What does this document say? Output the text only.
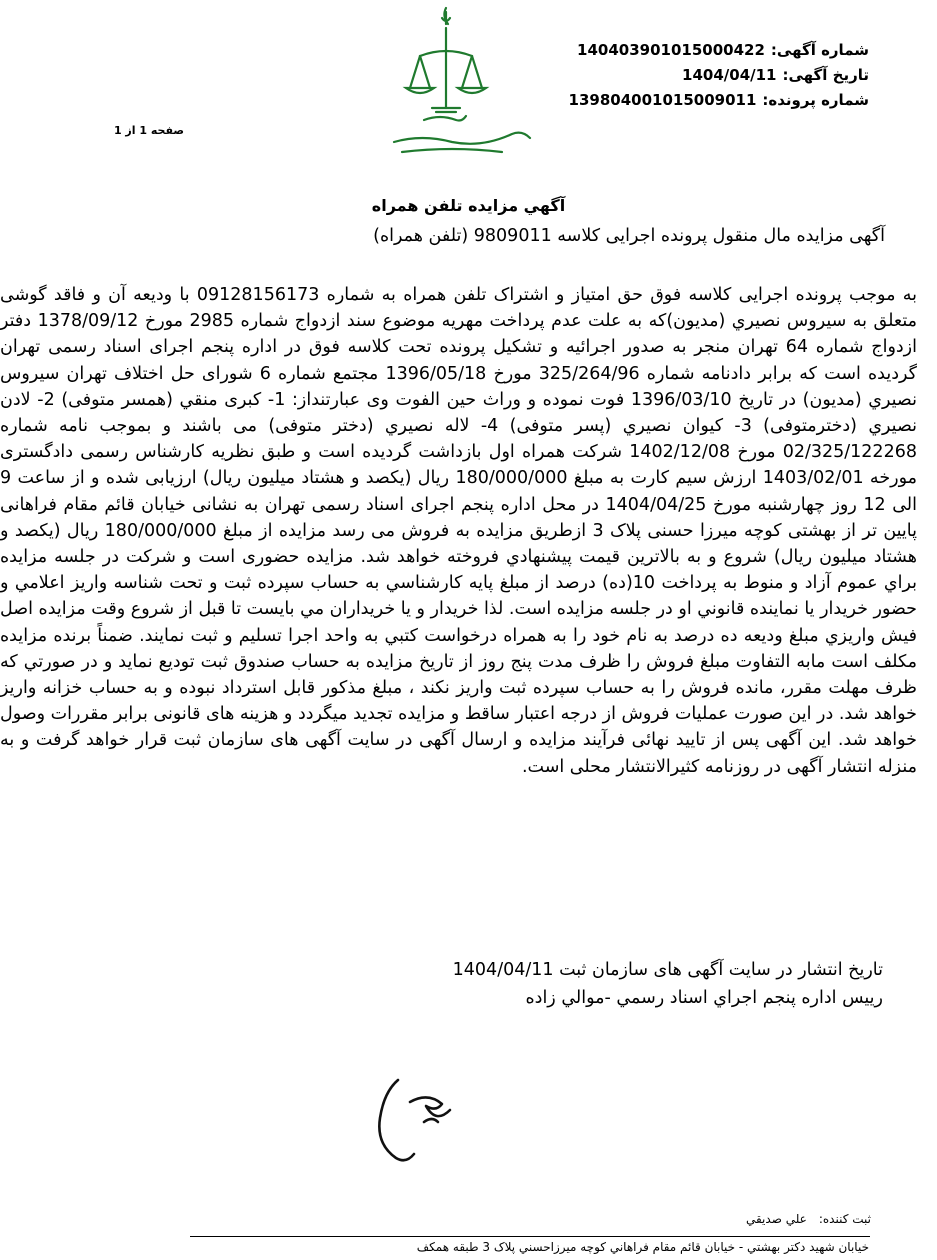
شماره آگهی:
140403901015000422
تاریخ آگهی:
1404/04/11
شماره پرونده:
139804001015009011
صفحه 1 از 1
آگهي مزايده تلفن همراه
آگهی مزایده مال منقول پرونده اجرایی کلاسه 9809011 (تلفن همراه)
به موجب پرونده اجرایی کلاسه فوق حق امتیاز و اشتراک تلفن همراه به شماره 09128156173 با ودیعه آن و فاقد گوشی متعلق به سیروس نصیري (مديون)که به علت عدم پرداخت مهريه موضوع سند ازدواج شماره 2985 مورخ 1378/09/12 دفتر ازدواج شماره 64 تهران منجر به صدور اجرائيه و تشكيل پرونده تحت کلاسه فوق در اداره پنجم اجرای اسناد رسمی تهران گردیده است که برابر دادنامه شماره 325/264/96 مورخ 1396/05/18 مجتمع شماره 6 شورای حل اختلاف تهران سیروس نصیري (مديون) در تاریخ 1396/03/10 فوت نموده و وراث حین الفوت وی عبارتنداز: 1- کبری منقي (همسر متوفى) 2- لادن نصيري (دخترمتوفى) 3- كيوان نصيري (پسر متوفى) 4- لاله نصيري (دختر متوفى) می باشند و بموجب نامه شماره 02/325/122268 مورخ 1402/12/08 شرکت همراه اول بازداشت گردیده است و طبق نظریه کارشناس رسمی دادگستری مورخه 1403/02/01 ارزش سیم کارت به مبلغ 180/000/000 ریال (یکصد و هشتاد میلیون ریال) ارزیابی شده و از ساعت 9 الی 12 روز چهارشنبه مورخ 1404/04/25 در محل اداره پنجم اجرای اسناد رسمی تهران به نشانی خیابان قائم مقام فراهانی پایین تر از بهشتی کوچه میرزا حسنی پلاک 3 ازطریق مزایده به فروش می رسد مزایده از مبلغ 180/000/000 ریال (یکصد و هشتاد میلیون ریال) شروع و به بالاترين قيمت پيشنهادي فروخته خواهد شد. مزایده حضوری است و شرکت در جلسه مزايده براي عموم آزاد و منوط به پرداخت 10(ده) درصد از مبلغ پايه كارشناسي به حساب سپرده ثبت و تحت شناسه واريز اعلامي و حضور خريدار يا نماينده قانوني او در جلسه مزايده است. لذا خريدار و يا خريداران مي بايست تا قبل از شروع وقت مزايده اصل فيش واريزي مبلغ وديعه ده درصد به نام خود را به همراه درخواست كتبي به واحد اجرا تسليم و ثبت نمايند. ضمناً برنده مزايده مكلف است مابه التفاوت مبلغ فروش را ظرف مدت پنج روز از تاريخ مزايده به حساب صندوق ثبت توديع نمايد و در صورتي كه ظرف مهلت مقرر، مانده فروش را به حساب سپرده ثبت واريز نكند ، مبلغ مذكور قابل استرداد نبوده و به حساب خزانه واريز خواهد شد. در این صورت عملیات فروش از درجه اعتبار ساقط و مزایده تجدید میگردد و هزینه های قانونی برابر مقررات وصول خواهد شد. این آگهی پس از تایید نهائی فرآیند مزایده و ارسال آگهی در سایت آگهی های سازمان ثبت قرار خواهد گرفت و به منزله انتشار آگهی در روزنامه کثیرالانتشار محلی است.
تاریخ انتشار در سایت آگهی های سازمان ثبت 1404/04/11
رييس اداره پنجم اجراي اسناد رسمي -موالي زاده
ثبت کننده:
علي صديقي
خيابان شهيد دكتر بهشتي - خيابان قائم مقام فراهاني كوچه ميرزاحسني پلاک 3 طبقه همكف
